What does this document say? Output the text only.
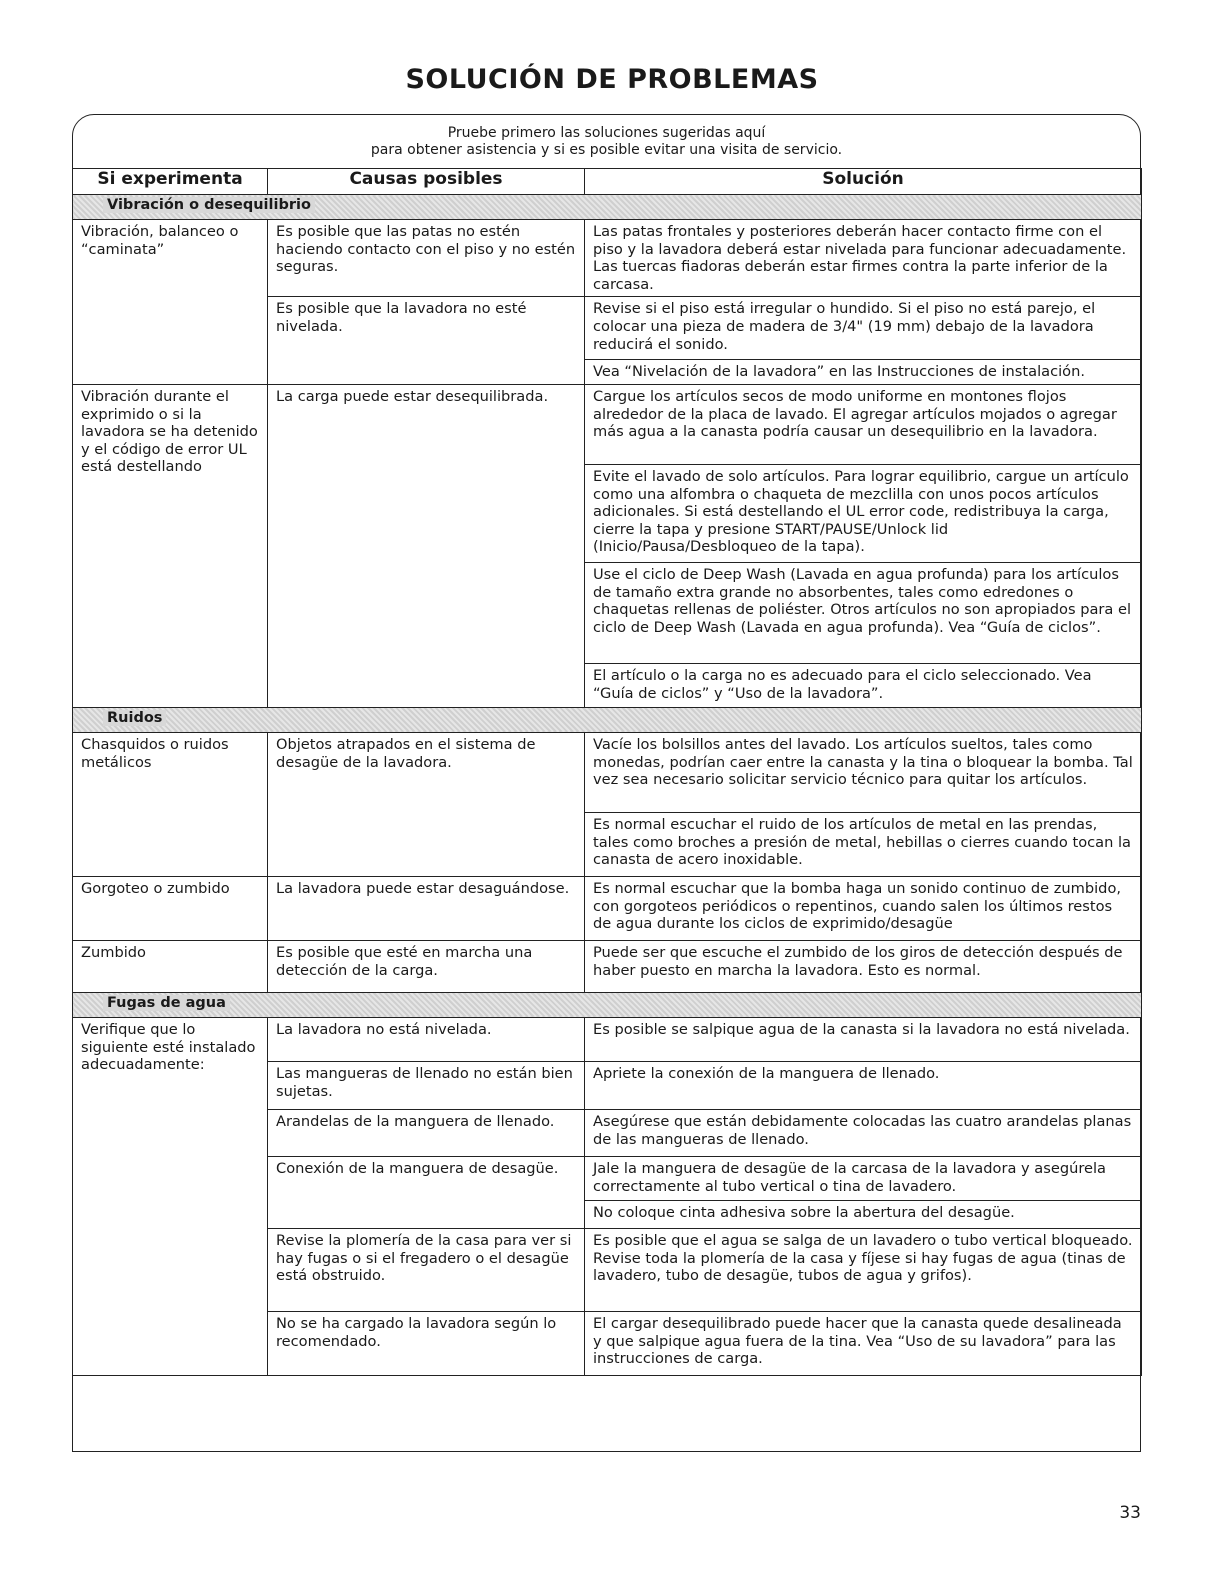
SOLUCIÓN DE PROBLEMAS
Pruebe primero las soluciones sugeridas aquí
para obtener asistencia y si es posible evitar una visita de servicio.
Si experimenta	Causas posibles	Solución
Vibración o desequilibrio		
Vibración, balanceo o “caminata”	Es posible que las patas no estén haciendo contacto con el piso y no estén seguras.	Las patas frontales y posteriores deberán hacer contacto firme con el piso y la lavadora deberá estar nivelada para funcionar adecuadamente. Las tuercas fiadoras deberán estar firmes contra la parte inferior de la carcasa.
	Es posible que la lavadora no esté nivelada.	Revise si el piso está irregular o hundido. Si el piso no está parejo, el colocar una pieza de madera de 3/4" (19 mm) debajo de la lavadora reducirá el sonido.
		Vea “Nivelación de la lavadora” en las Instrucciones de instalación.
Vibración durante el exprimido o si la lavadora se ha detenido y el código de error UL está destellando	La carga puede estar desequilibrada.	Cargue los artículos secos de modo uniforme en montones flojos alrededor de la placa de lavado. El agregar artículos mojados o agregar más agua a la canasta podría causar un desequilibrio en la lavadora.
		Evite el lavado de solo artículos. Para lograr equilibrio, cargue un artículo como una alfombra o chaqueta de mezclilla con unos pocos artículos adicionales. Si está destellando el UL error code, redistribuya la carga, cierre la tapa y presione START/PAUSE/Unlock lid (Inicio/Pausa/Desbloqueo de la tapa).
		Use el ciclo de Deep Wash (Lavada en agua profunda) para los artículos de tamaño extra grande no absorbentes, tales como edredones o chaquetas rellenas de poliéster. Otros artículos no son apropiados para el ciclo de Deep Wash (Lavada en agua profunda). Vea “Guía de ciclos”.
		El artículo o la carga no es adecuado para el ciclo seleccionado. Vea “Guía de ciclos” y “Uso de la lavadora”.
Ruidos		
Chasquidos o ruidos metálicos	Objetos atrapados en el sistema de desagüe de la lavadora.	Vacíe los bolsillos antes del lavado. Los artículos sueltos, tales como monedas, podrían caer entre la canasta y la tina o bloquear la bomba. Tal vez sea necesario solicitar servicio técnico para quitar los artículos.
		Es normal escuchar el ruido de los artículos de metal en las prendas, tales como broches a presión de metal, hebillas o cierres cuando tocan la canasta de acero inoxidable.
Gorgoteo o zumbido	La lavadora puede estar desaguándose.	Es normal escuchar que la bomba haga un sonido continuo de zumbido, con gorgoteos periódicos o repentinos, cuando salen los últimos restos de agua durante los ciclos de exprimido/desagüe
Zumbido	Es posible que esté en marcha una detección de la carga.	Puede ser que escuche el zumbido de los giros de detección después de haber puesto en marcha la lavadora. Esto es normal.
Fugas de agua		
Verifique que lo siguiente esté instalado adecuadamente:	La lavadora no está nivelada.	Es posible se salpique agua de la canasta si la lavadora no está nivelada.
	Las mangueras de llenado no están bien sujetas.	Apriete la conexión de la manguera de llenado.
	Arandelas de la manguera de llenado.	Asegúrese que están debidamente colocadas las cuatro arandelas planas de las mangueras de llenado.
	Conexión de la manguera de desagüe.	Jale la manguera de desagüe de la carcasa de la lavadora y asegúrela correctamente al tubo vertical o tina de lavadero.
		No coloque cinta adhesiva sobre la abertura del desagüe.
	Revise la plomería de la casa para ver si hay fugas o si el fregadero o el desagüe está obstruido.	Es posible que el agua se salga de un lavadero o tubo vertical bloqueado. Revise toda la plomería de la casa y fíjese si hay fugas de agua (tinas de lavadero, tubo de desagüe, tubos de agua y grifos).
	No se ha cargado la lavadora según lo recomendado.	El cargar desequilibrado puede hacer que la canasta quede desalineada y que salpique agua fuera de la tina. Vea “Uso de su lavadora” para las instrucciones de carga.
33
